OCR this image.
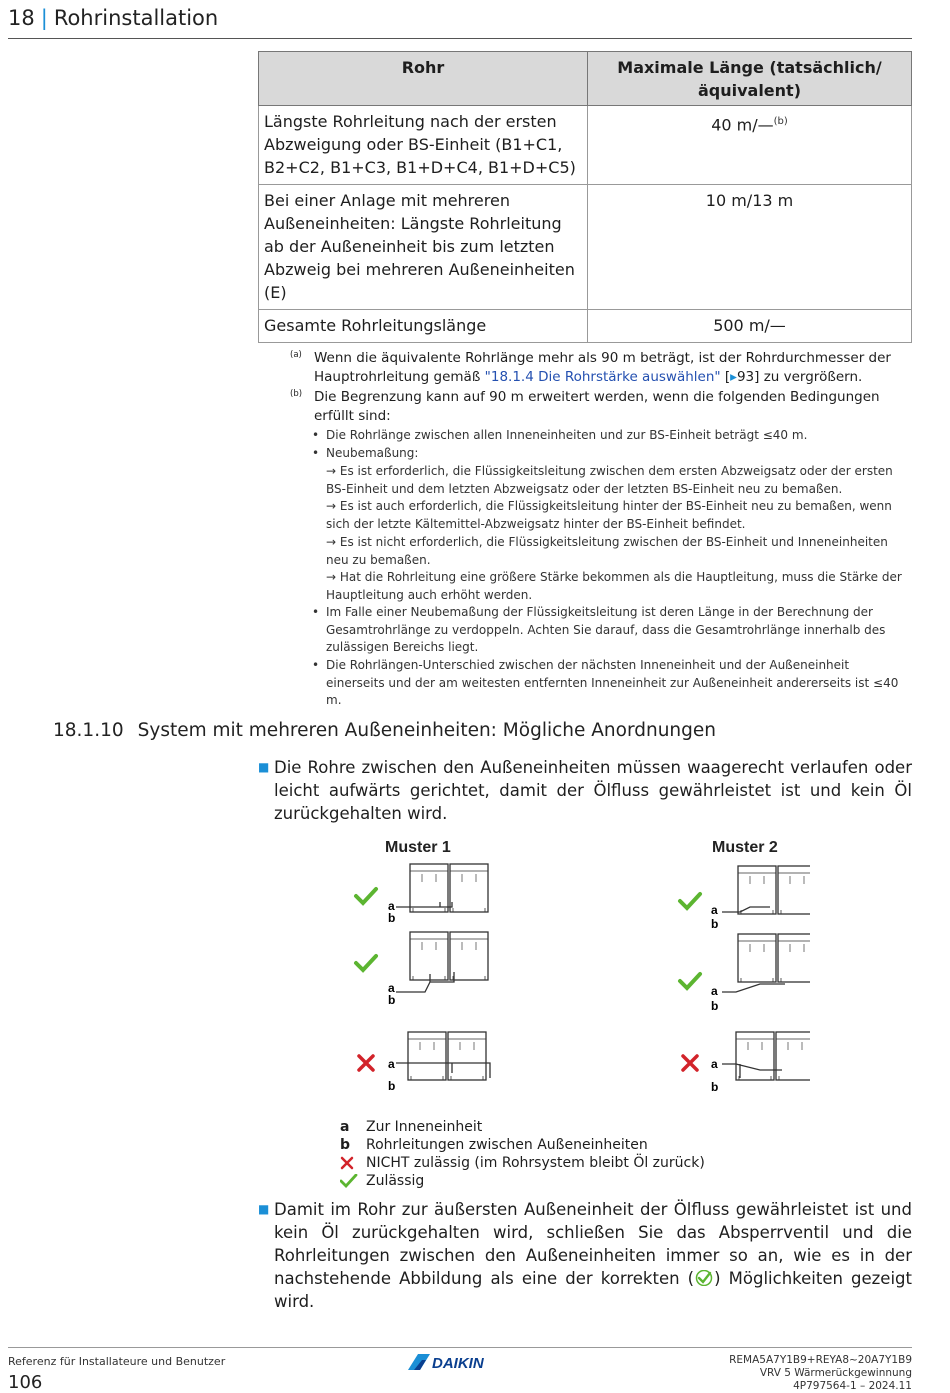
18 | Rohrinstallation
Rohr	Maximale Länge (tatsächlich/ äquivalent)
Längste Rohrleitung nach der ersten Abzweigung oder BS-Einheit (B1+C1, B2+C2, B1+C3, B1+D+C4, B1+D+C5)	40 m/—$^{(b)}$
Bei einer Anlage mit mehreren Außeneinheiten: Längste Rohrleitung ab der Außeneinheit bis zum letzten Abzweig bei mehreren Außeneinheiten (E)	10 m/13 m
Gesamte Rohrleitungslänge	500 m/—
(a) Wenn die äquivalente Rohrlänge mehr als 90 m beträgt, ist der Rohrdurchmesser der Hauptrohrleitung gemäß "18.1.4 Die Rohrstärke auswählen" [▸93] zu vergrößern.
(b) Die Begrenzung kann auf 90 m erweitert werden, wenn die folgenden Bedingungen erfüllt sind:
• Die Rohrlänge zwischen allen Inneneinheiten und zur BS-Einheit beträgt ≤40 m.
• Neubemaßung:
→ Es ist erforderlich, die Flüssigkeitsleitung zwischen dem ersten Abzweigsatz oder der ersten BS-Einheit und dem letzten Abzweigsatz oder der letzten BS-Einheit neu zu bemaßen.
→ Es ist auch erforderlich, die Flüssigkeitsleitung hinter der BS-Einheit neu zu bemaßen, wenn sich der letzte Kältemittel-Abzweigsatz hinter der BS-Einheit befindet.
→ Es ist nicht erforderlich, die Flüssigkeitsleitung zwischen der BS-Einheit und Inneneinheiten neu zu bemaßen.
→ Hat die Rohrleitung eine größere Stärke bekommen als die Hauptleitung, muss die Stärke der Hauptleitung auch erhöht werden.
• Im Falle einer Neubemaßung der Flüssigkeitsleitung ist deren Länge in der Berechnung der Gesamtrohrlänge zu verdoppeln. Achten Sie darauf, dass die Gesamtrohrlänge innerhalb des zulässigen Bereichs liegt.
• Die Rohrlängen-Unterschied zwischen der nächsten Inneneinheit und der Außeneinheit einerseits und der am weitesten entfernten Inneneinheit zur Außeneinheit andererseits ist ≤40 m.
18.1.10 System mit mehreren Außeneinheiten: Mögliche Anordnungen
■ Die Rohre zwischen den Außeneinheiten müssen waagerecht verlaufen oder leicht aufwärts gerichtet, damit der Ölfluss gewährleistet ist und kein Öl zurückgehalten wird.
Muster 1	Muster 2
a
b
a
b
a
b
a
b
a
b
a
b
a Zur Inneneinheit
b Rohrleitungen zwischen Außeneinheiten
NICHT zulässig (im Rohrsystem bleibt Öl zurück)
Zulässig
■ Damit im Rohr zur äußersten Außeneinheit der Ölfluss gewährleistet ist und kein Öl zurückgehalten wird, schließen Sie das Absperrventil und die Rohrleitungen zwischen den Außeneinheiten immer so an, wie es in der nachstehende Abbildung als eine der korrekten ( ) Möglichkeiten gezeigt wird.
Referenz für Installateure und Benutzer
106
DAIKIN	REMA5A7Y1B9+REYA8~20A7Y1B9
VRV 5 Wärmerückgewinnung
4P797564-1 – 2024.11
